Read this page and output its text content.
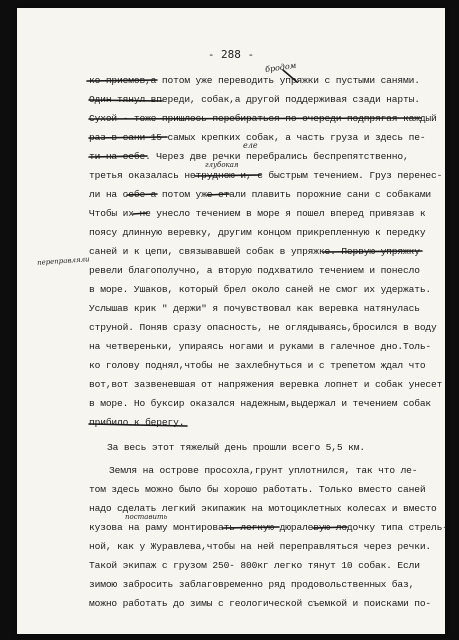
- 288 -
ко приемов,а потом уже переводить упряжки с пустыми санями.
Один тянул впереди, собак,а другой поддерживая сзади нарты.
Сухой - тоже пришлось перебираться по очереди подпрягая каждый
раз в сани 15 самых крепких собак, а часть груза и здесь пе-
ти на себе. Через две речки перебрались беспрепятственно,
третья оказалась нетрудною и, с быстрым течением. Груз перенес-
ли на себе а потом уже стали плавить порожние сани с собаками
Чтобы их не унесло течением в море я пошел вперед привязав к
поясу длинную веревку, другим концом прикрепленную к передку
саней и к цепи, связывавшей собак в упряжке. Первую упряжку
ревели благополучно, а вторую подхватило течением и понесло
в море. Ушаков, который брел около саней не смог их удержать.
Услышав крик " держи" я почувствовал как веревка натянулась
струной. Поняв сразу опасность, не оглядываясь,бросился в воду
на четвереньки, упираясь ногами и руками в галечное дно.Толь-
ко голову поднял,чтобы не захлебнуться и с трепетом ждал что
вот,вот зазвеневшая от напряжения веревка лопнет и собак унесет
в море. Но буксир оказался надежным,выдержал и течением собак
прибило к берегу.
За весь этот тяжелый день прошли всего 5,5 км.
Земля на острове просохла,грунт уплотнился, так что ле-
том здесь можно было бы хорошо работать. Только вместо саней
надо сделать легкий экипажик на мотоциклетных колесах и вместо
кузова на раму монтировать легкую дюралевую лодочку типа стрель-
ной, как у Журавлева,чтобы на ней переправляться через речки.
Такой экипаж с грузом 250- 800кг легко тянут 10 собак. Если
зимою забросить заблаговременно ряд продовольственных баз,
можно работать до зимы с геологической съемкой и поисками по-
бродом
еле
глубокая
переправляли
поставить
